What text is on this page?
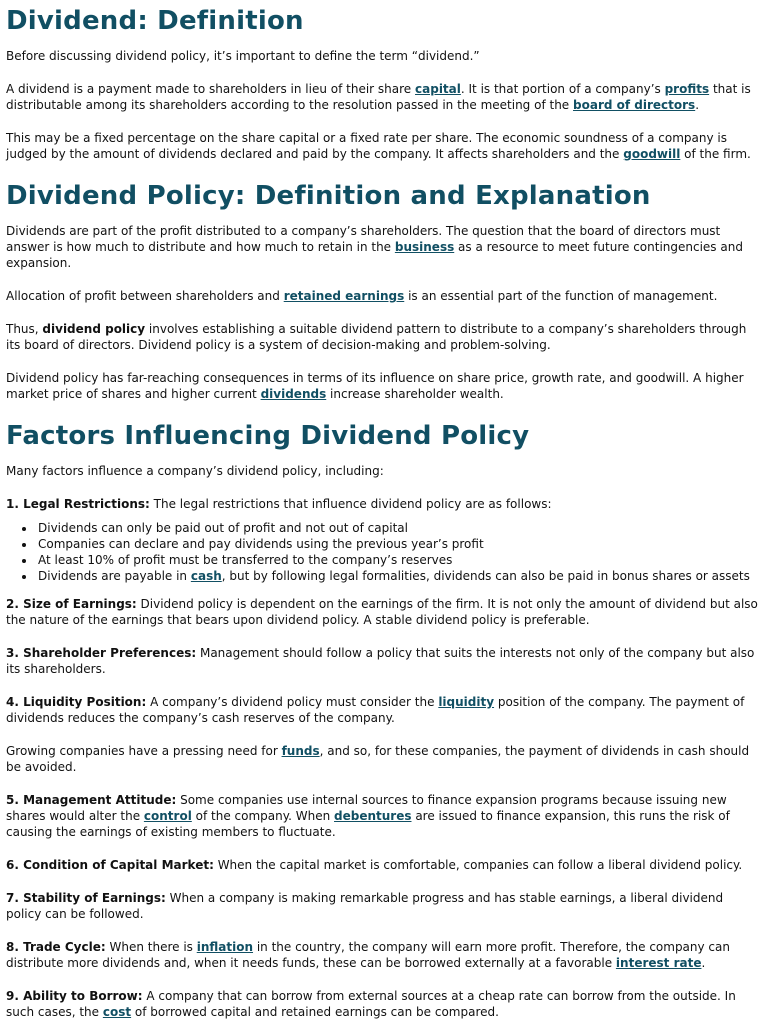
Dividend: Definition

Before discussing dividend policy, it’s important to define the term “dividend.”

A dividend is a payment made to shareholders in lieu of their share capital. It is that portion of a company’s profits that is distributable among its shareholders according to the resolution passed in the meeting of the board of directors.

This may be a fixed percentage on the share capital or a fixed rate per share. The economic soundness of a company is judged by the amount of dividends declared and paid by the company. It affects shareholders and the goodwill of the firm.

Dividend Policy: Definition and Explanation

Dividends are part of the profit distributed to a company’s shareholders. The question that the board of directors must answer is how much to distribute and how much to retain in the business as a resource to meet future contingencies and expansion.

Allocation of profit between shareholders and retained earnings is an essential part of the function of management.

Thus, dividend policy involves establishing a suitable dividend pattern to distribute to a company’s shareholders through its board of directors. Dividend policy is a system of decision-making and problem-solving.

Dividend policy has far-reaching consequences in terms of its influence on share price, growth rate, and goodwill. A higher market price of shares and higher current dividends increase shareholder wealth.

Factors Influencing Dividend Policy

Many factors influence a company’s dividend policy, including:

1. Legal Restrictions: The legal restrictions that influence dividend policy are as follows:

• Dividends can only be paid out of profit and not out of capital
• Companies can declare and pay dividends using the previous year’s profit
• At least 10% of profit must be transferred to the company’s reserves
• Dividends are payable in cash, but by following legal formalities, dividends can also be paid in bonus shares or assets

2. Size of Earnings: Dividend policy is dependent on the earnings of the firm. It is not only the amount of dividend but also the nature of the earnings that bears upon dividend policy. A stable dividend policy is preferable.

3. Shareholder Preferences: Management should follow a policy that suits the interests not only of the company but also its shareholders.

4. Liquidity Position: A company’s dividend policy must consider the liquidity position of the company. The payment of dividends reduces the company’s cash reserves of the company.

Growing companies have a pressing need for funds, and so, for these companies, the payment of dividends in cash should be avoided.

5. Management Attitude: Some companies use internal sources to finance expansion programs because issuing new shares would alter the control of the company. When debentures are issued to finance expansion, this runs the risk of causing the earnings of existing members to fluctuate.

6. Condition of Capital Market: When the capital market is comfortable, companies can follow a liberal dividend policy.

7. Stability of Earnings: When a company is making remarkable progress and has stable earnings, a liberal dividend policy can be followed.

8. Trade Cycle: When there is inflation in the country, the company will earn more profit. Therefore, the company can distribute more dividends and, when it needs funds, these can be borrowed externally at a favorable interest rate.

9. Ability to Borrow: A company that can borrow from external sources at a cheap rate can borrow from the outside. In such cases, the cost of borrowed capital and retained earnings can be compared.
